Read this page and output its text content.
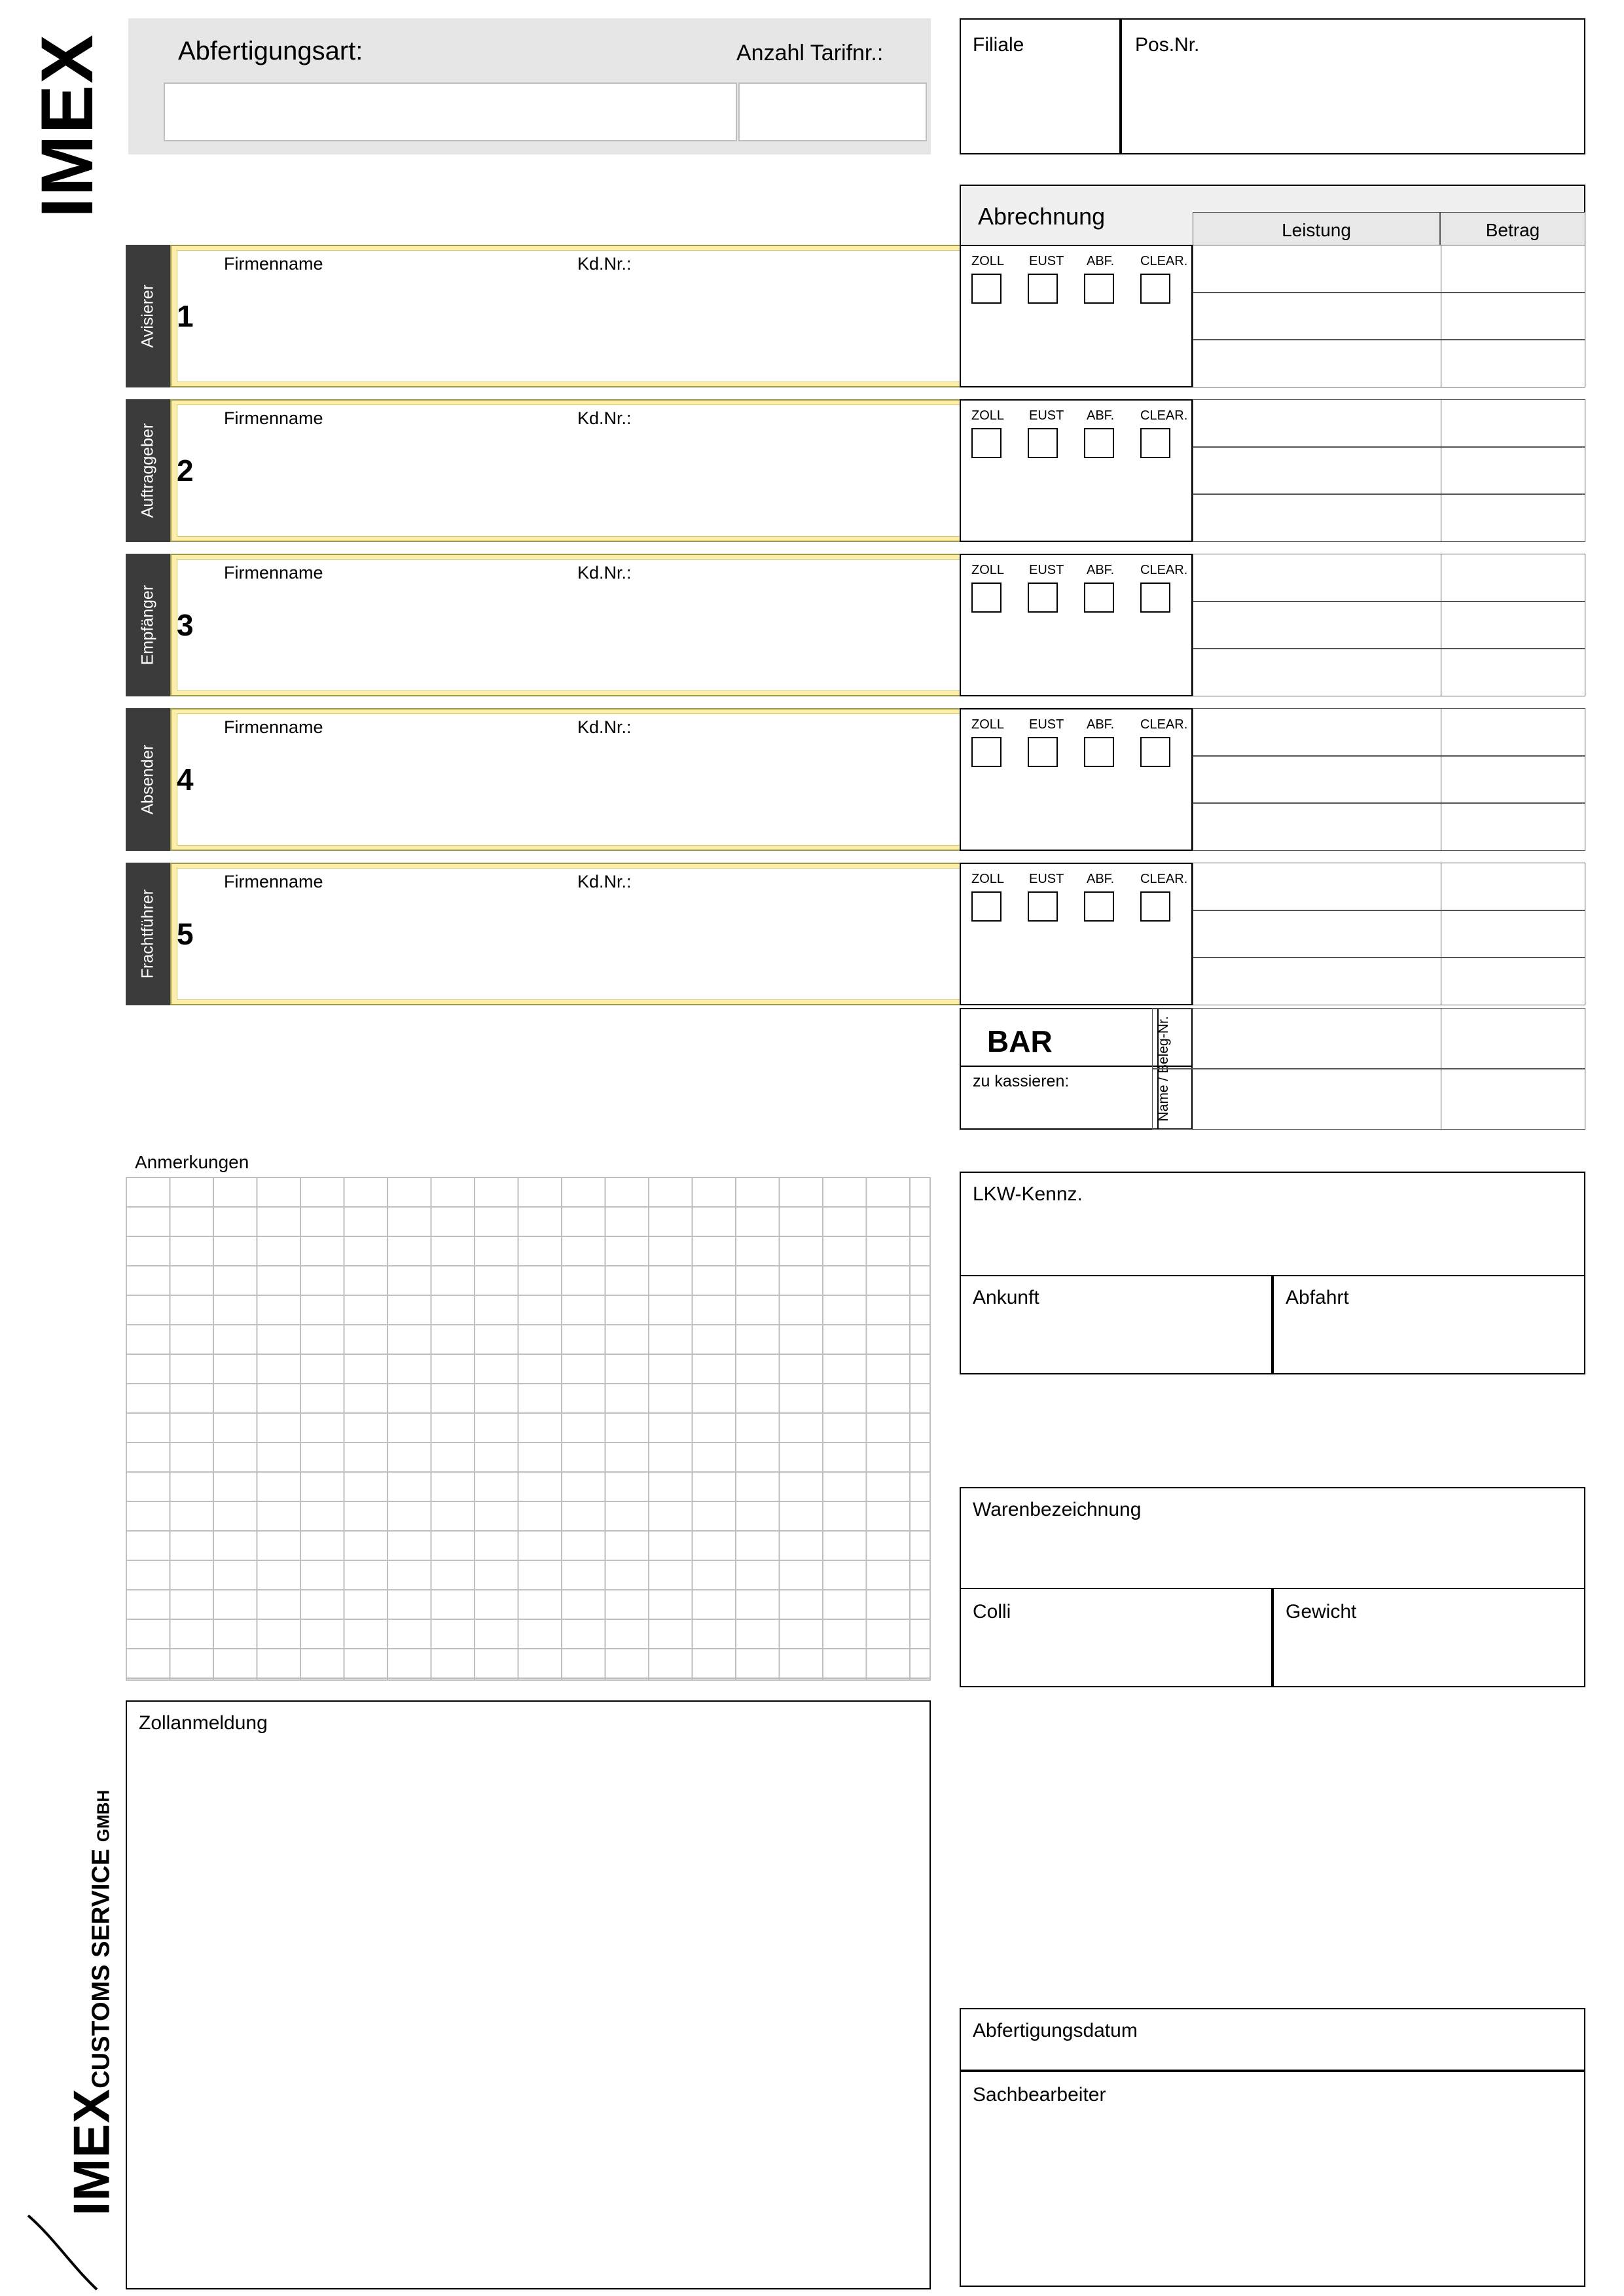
IMEX	Abfertigungsart:	Anzahl Tarifnr.:	Filiale	Pos.Nr.
Abrechnung
Leistung	Betrag
Avisierer 1
Firmenname	Kd.Nr.:	ZOLL EUST ABF. CLEAR.
Auftraggeber 2
Firmenname	Kd.Nr.:	ZOLL EUST ABF. CLEAR.
Empfänger 3
Firmenname	Kd.Nr.:	ZOLL EUST ABF. CLEAR.
Absender 4
Firmenname	Kd.Nr.:	ZOLL EUST ABF. CLEAR.
Frachtführer 5
Firmenname	Kd.Nr.:	ZOLL EUST ABF. CLEAR.
BAR
zu kassieren:	Name / Beleg-Nr.
Anmerkungen
LKW-Kennz.
Ankunft	Abfahrt
Warenbezeichnung
Colli	Gewicht
Zollanmeldung
Abfertigungsdatum
Sachbearbeiter
IMEXCUSTOMS SERVICE GMBH
